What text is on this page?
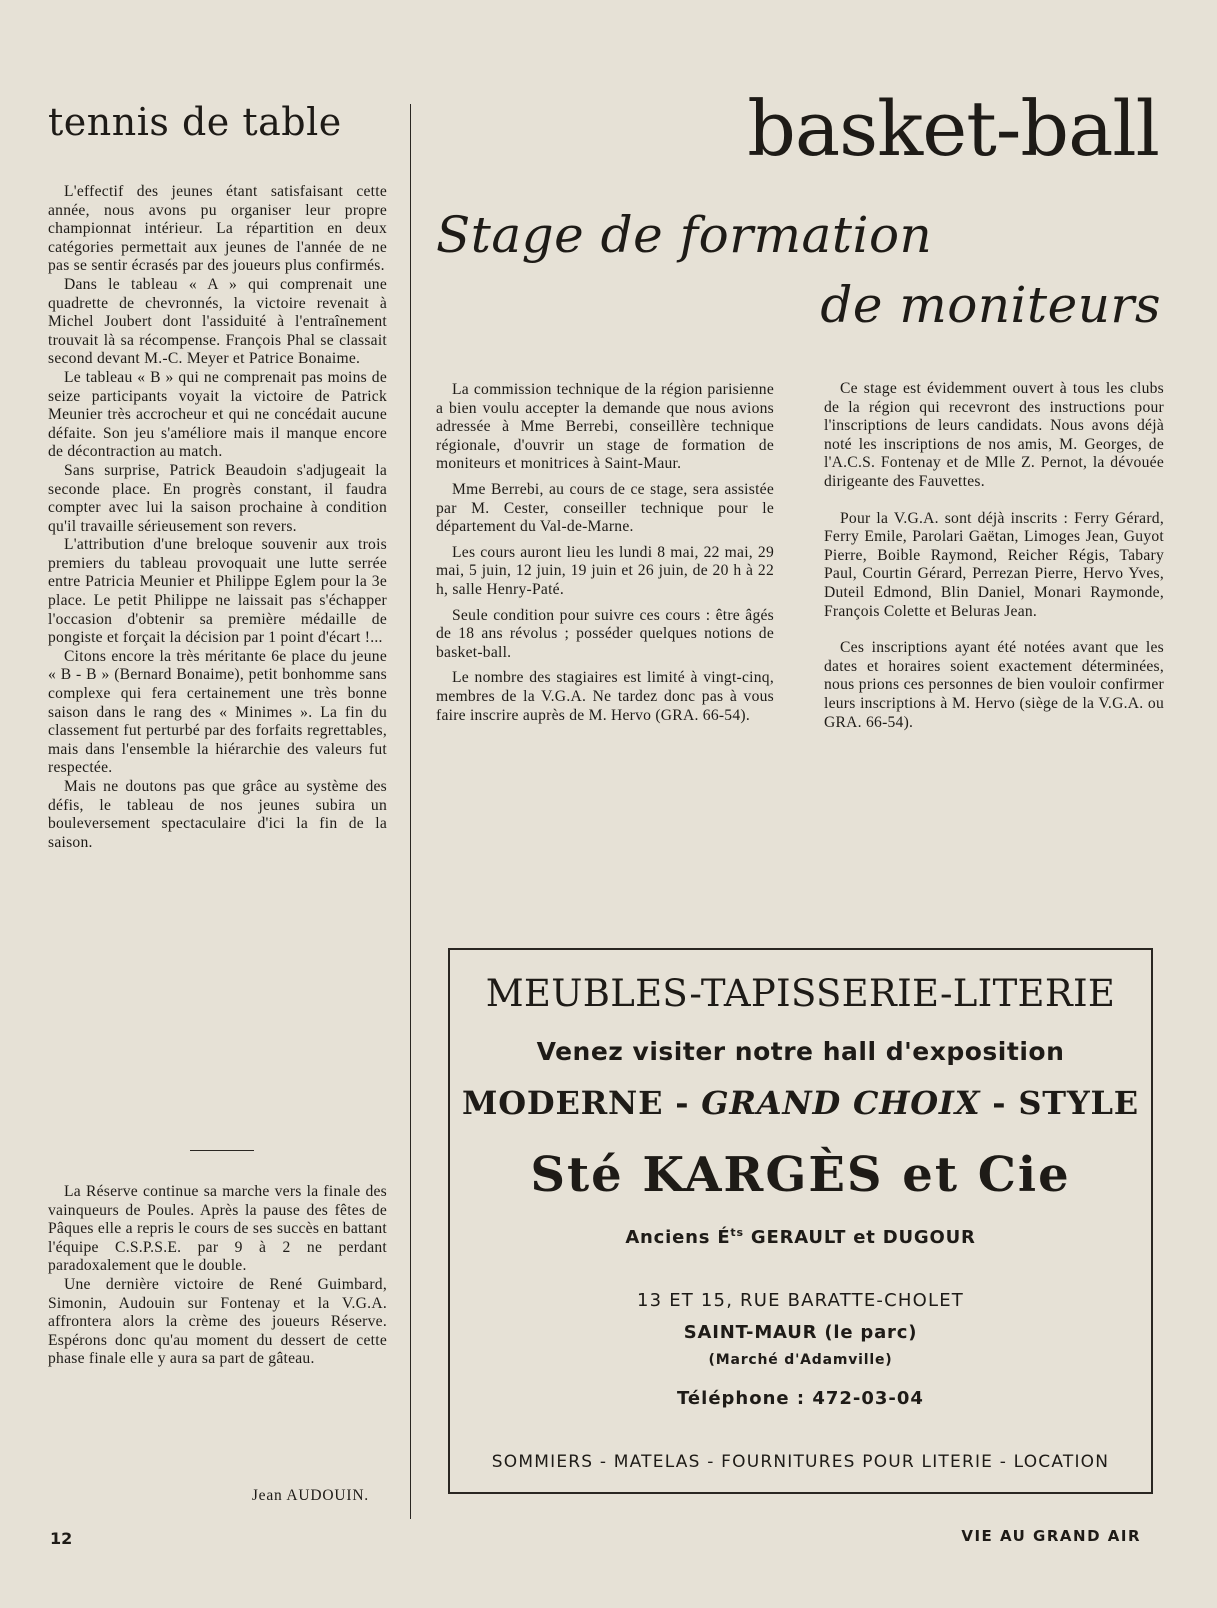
tennis de table

L'effectif des jeunes étant satisfaisant cette année, nous avons pu organiser leur propre championnat intérieur. La répartition en deux catégories permettait aux jeunes de l'année de ne pas se sentir écrasés par des joueurs plus confirmés.

Dans le tableau « A » qui comprenait une quadrette de chevronnés, la victoire revenait à Michel Joubert dont l'assiduité à l'entraînement trouvait là sa récompense. François Phal se classait second devant M.-C. Meyer et Patrice Bonaime.

Le tableau « B » qui ne comprenait pas moins de seize participants voyait la victoire de Patrick Meunier très accrocheur et qui ne concédait aucune défaite. Son jeu s'améliore mais il manque encore de décontraction au match.

Sans surprise, Patrick Beaudoin s'adjugeait la seconde place. En progrès constant, il faudra compter avec lui la saison prochaine à condition qu'il travaille sérieusement son revers.

L'attribution d'une breloque souvenir aux trois premiers du tableau provoquait une lutte serrée entre Patricia Meunier et Philippe Eglem pour la 3e place. Le petit Philippe ne laissait pas s'échapper l'occasion d'obtenir sa première médaille de pongiste et forçait la décision par 1 point d'écart !...

Citons encore la très méritante 6e place du jeune « B - B » (Bernard Bonaime), petit bonhomme sans complexe qui fera certainement une très bonne saison dans le rang des « Minimes ». La fin du classement fut perturbé par des forfaits regrettables, mais dans l'ensemble la hiérarchie des valeurs fut respectée.

Mais ne doutons pas que grâce au système des défis, le tableau de nos jeunes subira un bouleversement spectaculaire d'ici la fin de la saison.

La Réserve continue sa marche vers la finale des vainqueurs de Poules. Après la pause des fêtes de Pâques elle a repris le cours de ses succès en battant l'équipe C.S.P.S.E. par 9 à 2 ne perdant paradoxalement que le double.

Une dernière victoire de René Guimbard, Simonin, Audouin sur Fontenay et la V.G.A. affrontera alors la crème des joueurs Réserve. Espérons donc qu'au moment du dessert de cette phase finale elle y aura sa part de gâteau.

Jean AUDOUIN.
basket-ball
Stage de formation
de moniteurs

La commission technique de la région parisienne a bien voulu accepter la demande que nous avions adressée à Mme Berrebi, conseillère technique régionale, d'ouvrir un stage de formation de moniteurs et monitrices à Saint-Maur.

Mme Berrebi, au cours de ce stage, sera assistée par M. Cester, conseiller technique pour le département du Val-de-Marne.

Les cours auront lieu les lundi 8 mai, 22 mai, 29 mai, 5 juin, 12 juin, 19 juin et 26 juin, de 20 h à 22 h, salle Henry-Paté.

Seule condition pour suivre ces cours : être âgés de 18 ans révolus ; posséder quelques notions de basket-ball.

Le nombre des stagiaires est limité à vingt-cinq, membres de la V.G.A. Ne tardez donc pas à vous faire inscrire auprès de M. Hervo (GRA. 66-54).

Ce stage est évidemment ouvert à tous les clubs de la région qui recevront des instructions pour l'inscriptions de leurs candidats. Nous avons déjà noté les inscriptions de nos amis, M. Georges, de l'A.C.S. Fontenay et de Mlle Z. Pernot, la dévouée dirigeante des Fauvettes.

Pour la V.G.A. sont déjà inscrits : Ferry Gérard, Ferry Emile, Parolari Gaëtan, Limoges Jean, Guyot Pierre, Boible Raymond, Reicher Régis, Tabary Paul, Courtin Gérard, Perrezan Pierre, Hervo Yves, Duteil Edmond, Blin Daniel, Monari Raymonde, François Colette et Beluras Jean.

Ces inscriptions ayant été notées avant que les dates et horaires soient exactement déterminées, nous prions ces personnes de bien vouloir confirmer leurs inscriptions à M. Hervo (siège de la V.G.A. ou GRA. 66-54).

MEUBLES-TAPISSERIE-LITERIE
Venez visiter notre hall d'exposition
MODERNE - GRAND CHOIX - STYLE
Sté KARGÈS et Cie
Anciens $É^{ts}$ GERAULT et DUGOUR
13 ET 15, RUE BARATTE-CHOLET
SAINT-MAUR (le parc)
(Marché d'Adamville)
Téléphone : 472-03-04
SOMMIERS - MATELAS - FOURNITURES POUR LITERIE - LOCATION
12	VIE AU GRAND AIR
